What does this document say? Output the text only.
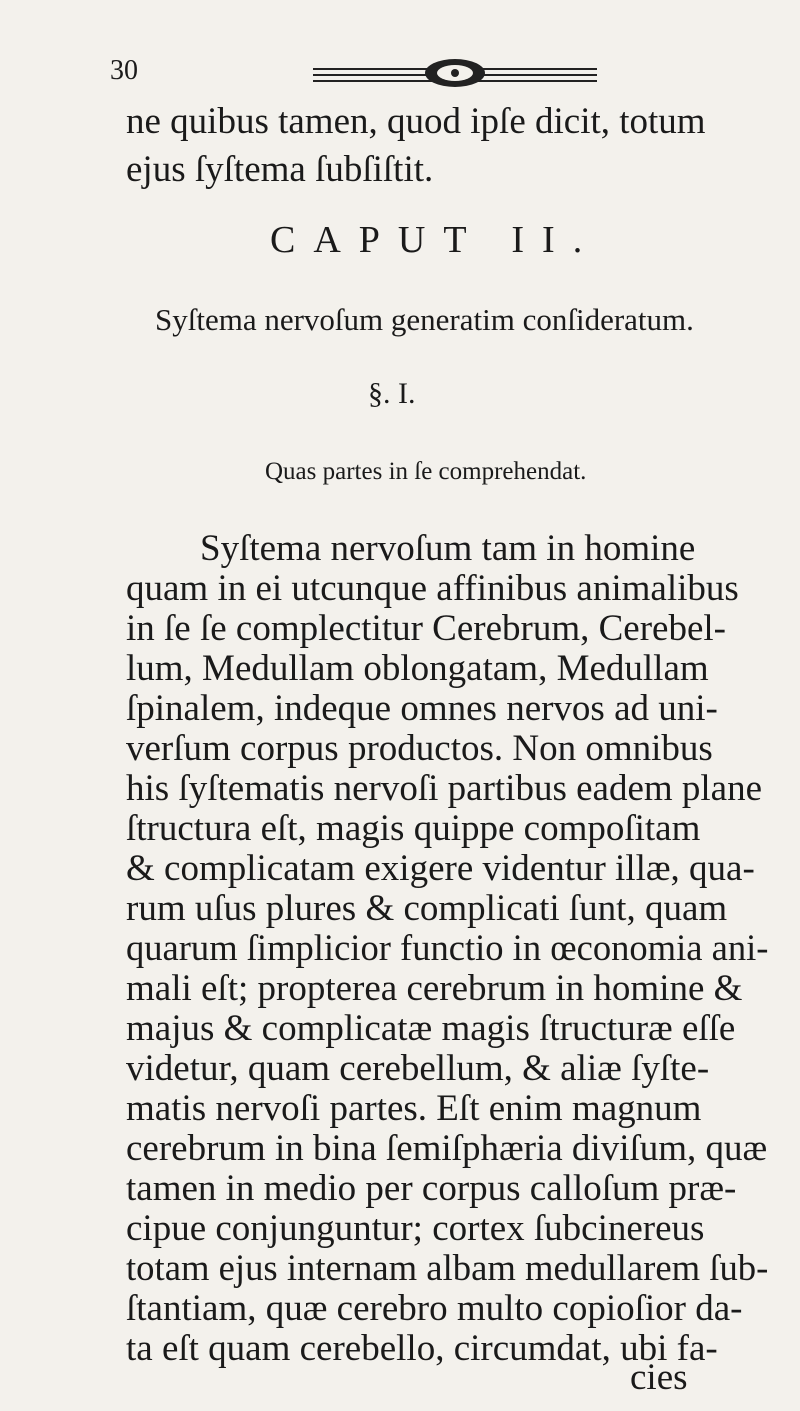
30
ne quibus tamen, quod ipſe dicit, totum
ejus ſyſtema ſubſiſtit.
CAPUT II.
Syſtema nervoſum generatim conſideratum.
§. I.
Quas partes in ſe comprehendat.
Syſtema nervoſum tam in homine
quam in ei utcunque affinibus animalibus
in ſe ſe complectitur Cerebrum, Cerebel-
lum, Medullam oblongatam, Medullam
ſpinalem, indeque omnes nervos ad uni-
verſum corpus productos. Non omnibus
his ſyſtematis nervoſi partibus eadem plane
ſtructura eſt, magis quippe compoſitam
& complicatam exigere videntur illæ, qua-
rum uſus plures & complicati ſunt, quam
quarum ſimplicior functio in œconomia ani-
mali eſt; propterea cerebrum in homine &
majus & complicatæ magis ſtructuræ eſſe
videtur, quam cerebellum, & aliæ ſyſte-
matis nervoſi partes. Eſt enim magnum
cerebrum in bina ſemiſphæria diviſum, quæ
tamen in medio per corpus calloſum præ-
cipue conjunguntur; cortex ſubcinereus
totam ejus internam albam medullarem ſub-
ſtantiam, quæ cerebro multo copioſior da-
ta eſt quam cerebello, circumdat, ubi fa-
cies
